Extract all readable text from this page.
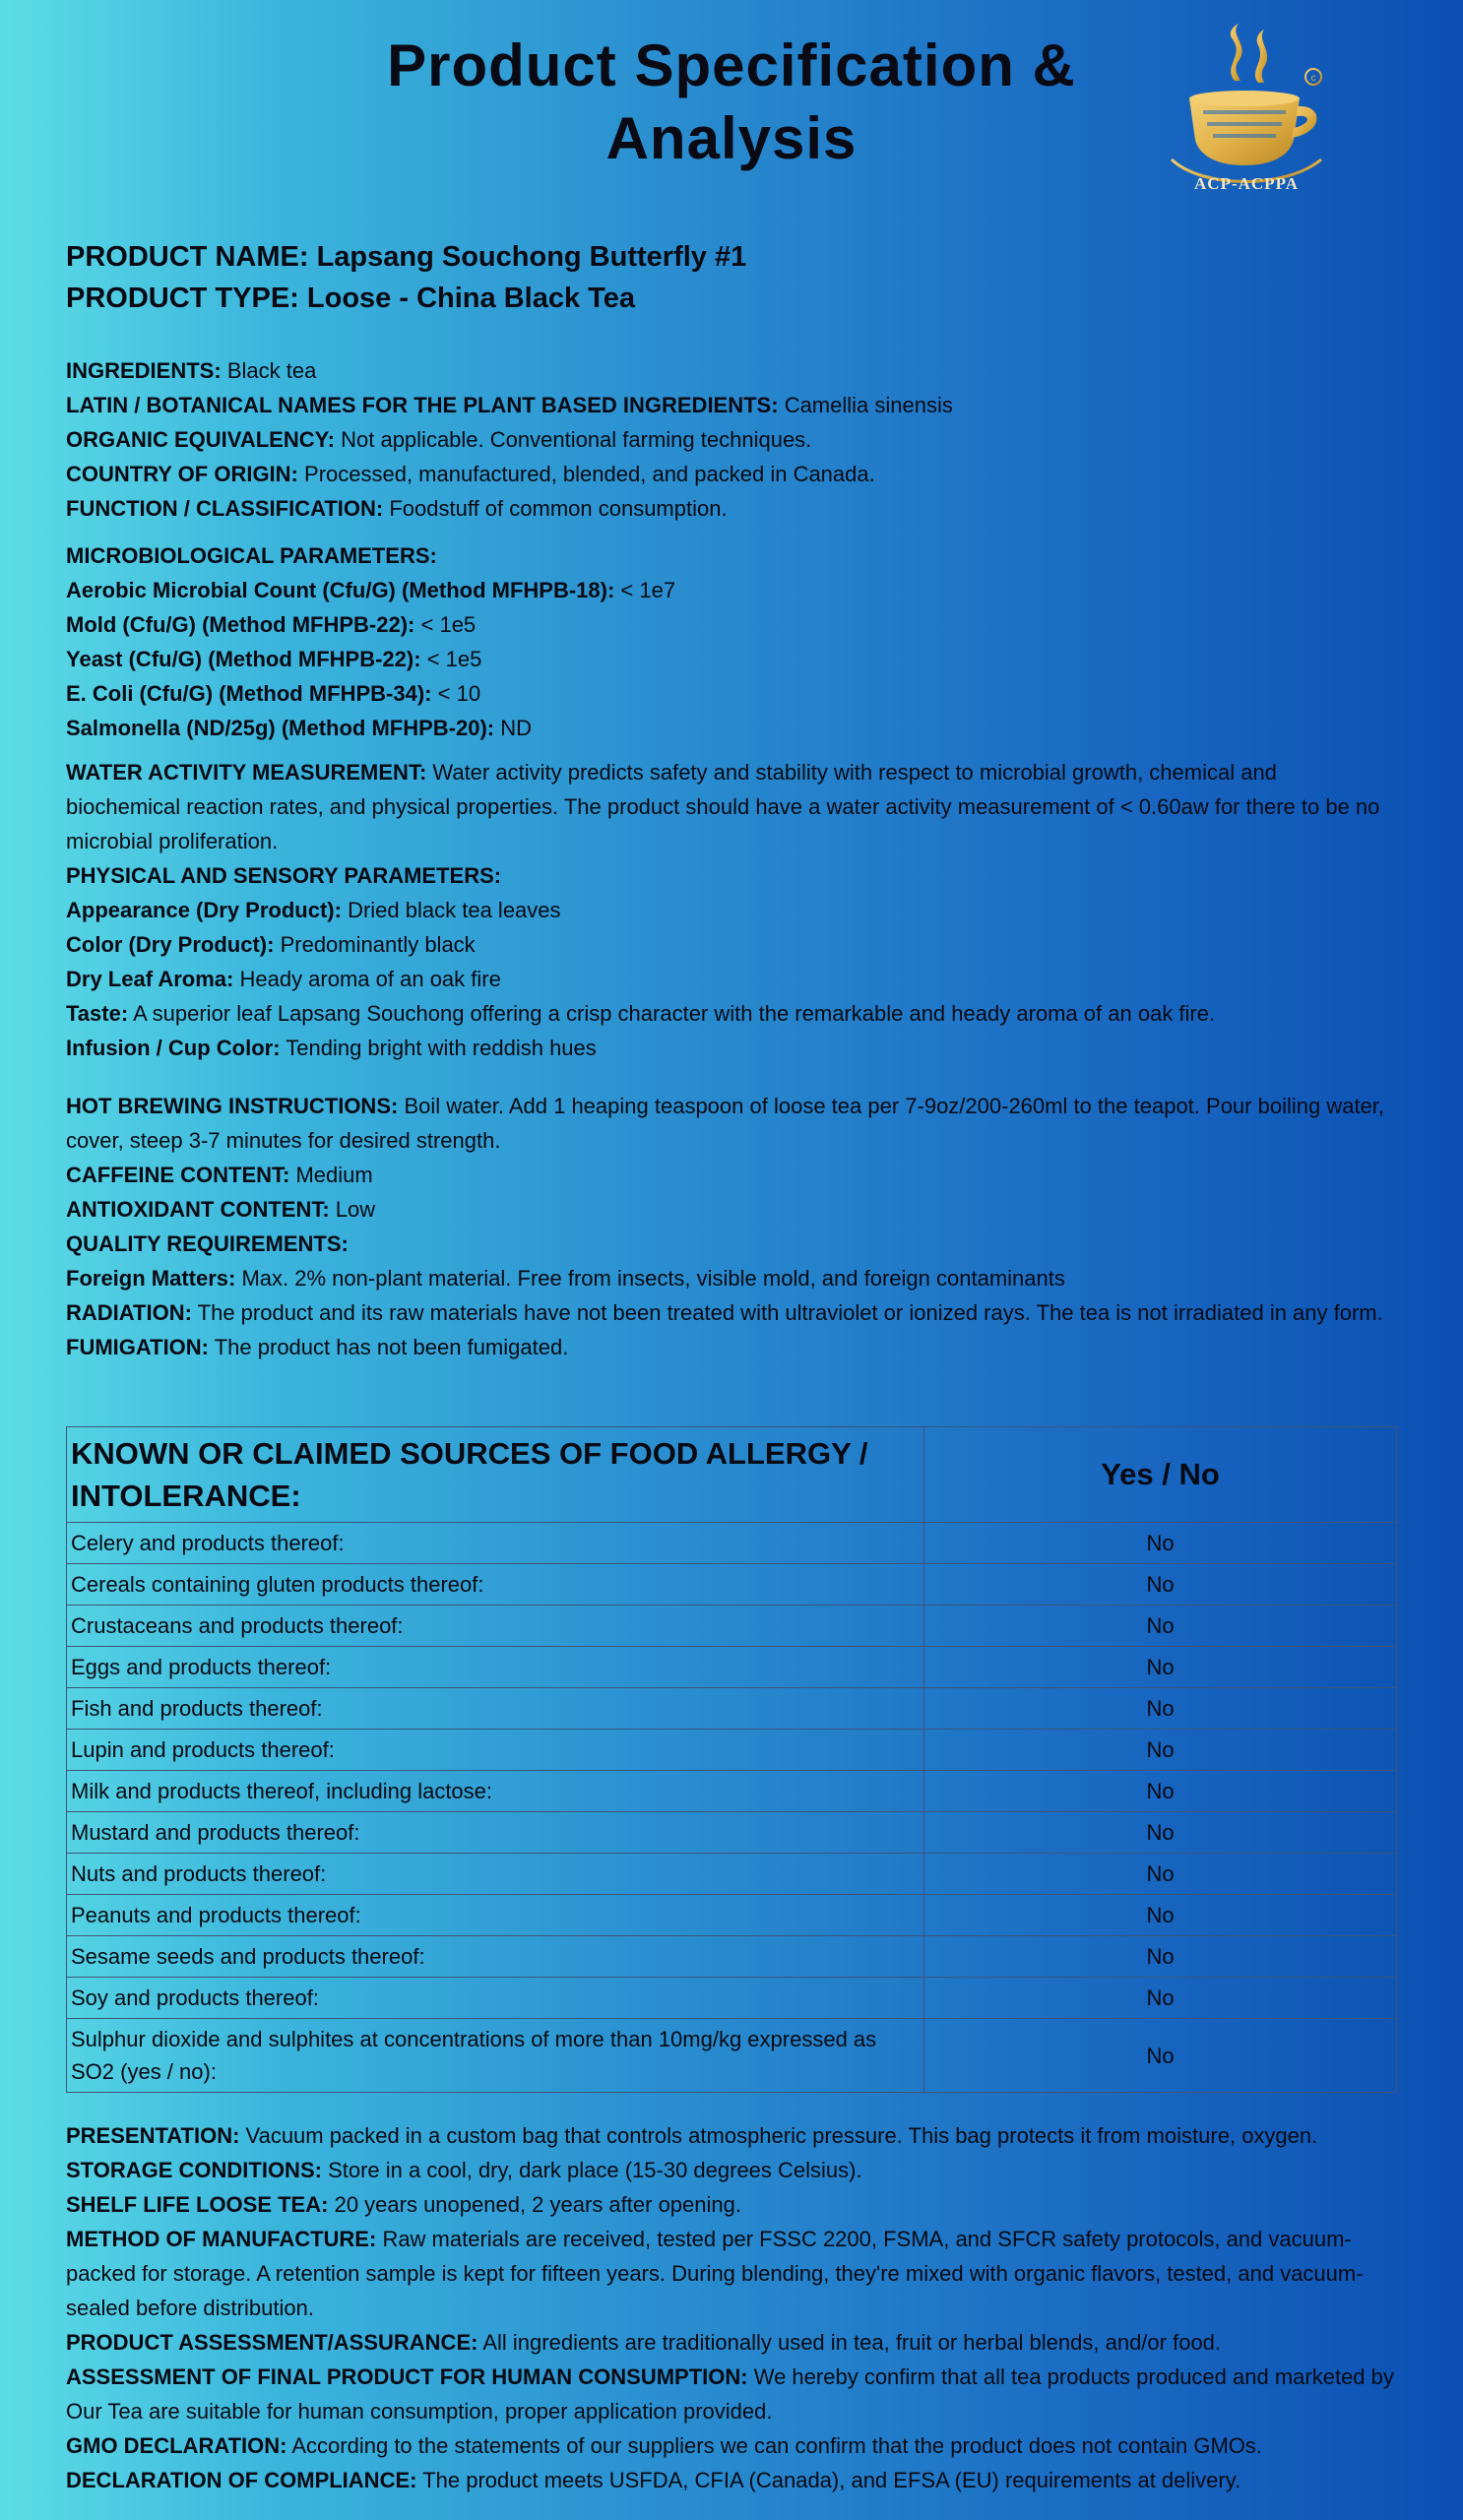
Product Specification & Analysis
c
ACP-ACPPA
PRODUCT NAME: Lapsang Souchong Butterfly #1
PRODUCT TYPE: Loose - China Black Tea

INGREDIENTS: Black tea

LATIN / BOTANICAL NAMES FOR THE PLANT BASED INGREDIENTS: Camellia sinensis

ORGANIC EQUIVALENCY: Not applicable. Conventional farming techniques.

COUNTRY OF ORIGIN: Processed, manufactured, blended, and packed in Canada.

FUNCTION / CLASSIFICATION: Foodstuff of common consumption.

MICROBIOLOGICAL PARAMETERS:

Aerobic Microbial Count (Cfu/G) (Method MFHPB-18): < 1e7

Mold (Cfu/G) (Method MFHPB-22): < 1e5

Yeast (Cfu/G) (Method MFHPB-22): < 1e5

E. Coli (Cfu/G) (Method MFHPB-34): < 10

Salmonella (ND/25g) (Method MFHPB-20): ND

WATER ACTIVITY MEASUREMENT: Water activity predicts safety and stability with respect to microbial growth, chemical and biochemical reaction rates, and physical properties. The product should have a water activity measurement of < 0.60aw for there to be no microbial proliferation.

PHYSICAL AND SENSORY PARAMETERS:

Appearance (Dry Product): Dried black tea leaves

Color (Dry Product): Predominantly black

Dry Leaf Aroma: Heady aroma of an oak fire

Taste: A superior leaf Lapsang Souchong offering a crisp character with the remarkable and heady aroma of an oak fire.

Infusion / Cup Color: Tending bright with reddish hues

HOT BREWING INSTRUCTIONS: Boil water. Add 1 heaping teaspoon of loose tea per 7-9oz/200-260ml to the teapot. Pour boiling water, cover, steep 3-7 minutes for desired strength.

CAFFEINE CONTENT: Medium

ANTIOXIDANT CONTENT: Low

QUALITY REQUIREMENTS:

Foreign Matters: Max. 2% non-plant material. Free from insects, visible mold, and foreign contaminants

RADIATION: The product and its raw materials have not been treated with ultraviolet or ionized rays. The tea is not irradiated in any form.

FUMIGATION: The product has not been fumigated.

KNOWN OR CLAIMED SOURCES OF FOOD ALLERGY / INTOLERANCE:	Yes / No
Celery and products thereof:	No
Cereals containing gluten products thereof:	No
Crustaceans and products thereof:	No
Eggs and products thereof:	No
Fish and products thereof:	No
Lupin and products thereof:	No
Milk and products thereof, including lactose:	No
Mustard and products thereof:	No
Nuts and products thereof:	No
Peanuts and products thereof:	No
Sesame seeds and products thereof:	No
Soy and products thereof:	No
Sulphur dioxide and sulphites at concentrations of more than 10mg/kg expressed as SO2 (yes / no):	No

PRESENTATION: Vacuum packed in a custom bag that controls atmospheric pressure. This bag protects it from moisture, oxygen.

STORAGE CONDITIONS: Store in a cool, dry, dark place (15-30 degrees Celsius).

SHELF LIFE LOOSE TEA: 20 years unopened, 2 years after opening.

METHOD OF MANUFACTURE: Raw materials are received, tested per FSSC 2200, FSMA, and SFCR safety protocols, and vacuum-packed for storage. A retention sample is kept for fifteen years. During blending, they're mixed with organic flavors, tested, and vacuum-sealed before distribution.

PRODUCT ASSESSMENT/ASSURANCE: All ingredients are traditionally used in tea, fruit or herbal blends, and/or food.

ASSESSMENT OF FINAL PRODUCT FOR HUMAN CONSUMPTION: We hereby confirm that all tea products produced and marketed by Our Tea are suitable for human consumption, proper application provided.

GMO DECLARATION: According to the statements of our suppliers we can confirm that the product does not contain GMOs.

DECLARATION OF COMPLIANCE: The product meets USFDA, CFIA (Canada), and EFSA (EU) requirements at delivery.
